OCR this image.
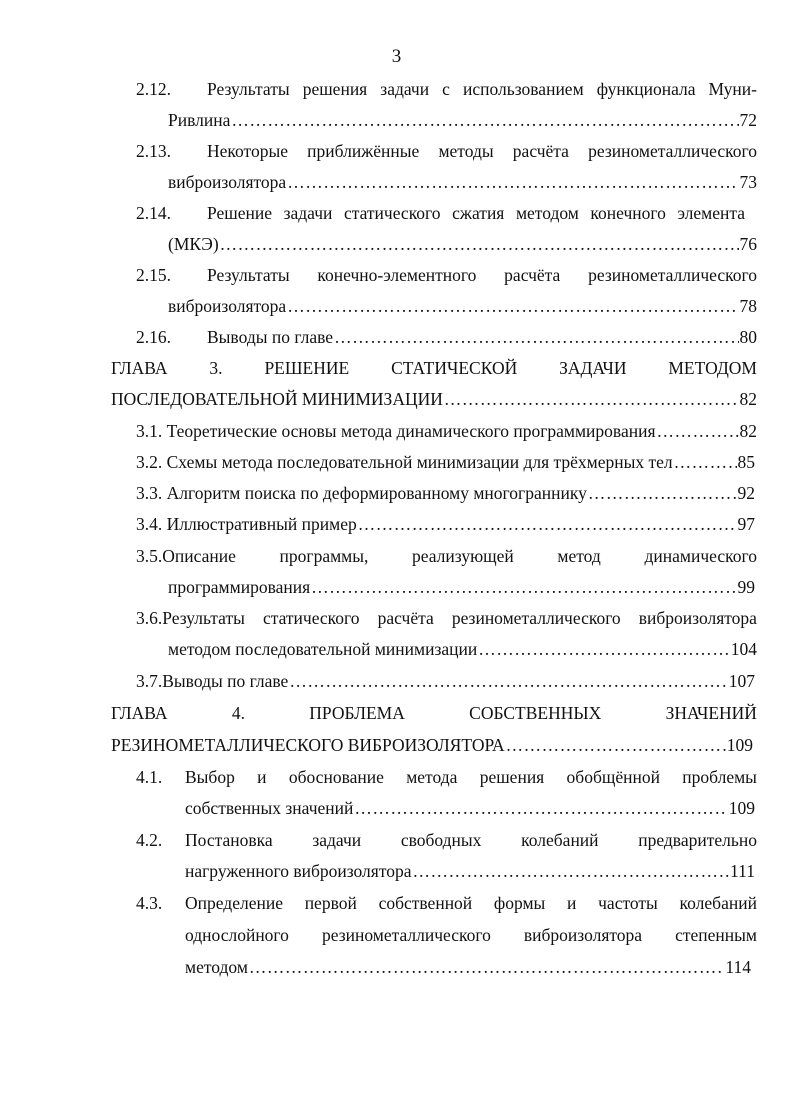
3
2.12. Результаты решения задачи с использованием функционала Муни-
Ривлина …………………………………………………………………………………………………………………………………………………………………………………………	72
2.13. Некоторые приближённые методы расчёта резинометаллического
виброизолятора …………………………………………………………………………………………………………………………………………………………………………………………	73
2.14. Решение задачи статического сжатия методом конечного элемента
(МКЭ) …………………………………………………………………………………………………………………………………………………………………………………………	76
2.15. Результаты конечно-элементного расчёта резинометаллического
виброизолятора …………………………………………………………………………………………………………………………………………………………………………………………	78
2.16. Выводы по главе …………………………………………………………………………………………………………………………………………………………………………………………	80
ГЛАВА 3. РЕШЕНИЕ СТАТИЧЕСКОЙ ЗАДАЧИ МЕТОДОМ
ПОСЛЕДОВАТЕЛЬНОЙ МИНИМИЗАЦИИ …………………………………………………………………………………………………………………………………………………………………………………………	82
3.1. Теоретические основы метода динамического программирования …………………………………………………………………………………………………………………………………………………………………………………………	82
3.2. Схемы метода последовательной минимизации для трёхмерных тел …………………………………………………………………………………………………………………………………………………………………………………………	85
3.3. Алгоритм поиска по деформированному многограннику …………………………………………………………………………………………………………………………………………………………………………………………	92
3.4. Иллюстративный пример …………………………………………………………………………………………………………………………………………………………………………………………	97
3.5.Описание программы, реализующей метод динамического
программирования …………………………………………………………………………………………………………………………………………………………………………………………	99
3.6.Результаты статического расчёта резинометаллического виброизолятора
методом последовательной минимизации …………………………………………………………………………………………………………………………………………………………………………………………	104
3.7.Выводы по главе …………………………………………………………………………………………………………………………………………………………………………………………	107
ГЛАВА	4.	ПРОБЛЕМА	СОБСТВЕННЫХ	ЗНАЧЕНИЙ
РЕЗИНОМЕТАЛЛИЧЕСКОГО ВИБРОИЗОЛЯТОРА …………………………………………………………………………………………………………………………………………………………………………………………	109
4.1. Выбор и обоснование метода решения обобщённой проблемы
собственных значений …………………………………………………………………………………………………………………………………………………………………………………………	109
4.2. Постановка задачи свободных колебаний предварительно
нагруженного виброизолятора …………………………………………………………………………………………………………………………………………………………………………………………	111
4.3. Определение первой собственной формы и частоты колебаний
однослойного резинометаллического виброизолятора степенным
методом …………………………………………………………………………………………………………………………………………………………………………………………	114
